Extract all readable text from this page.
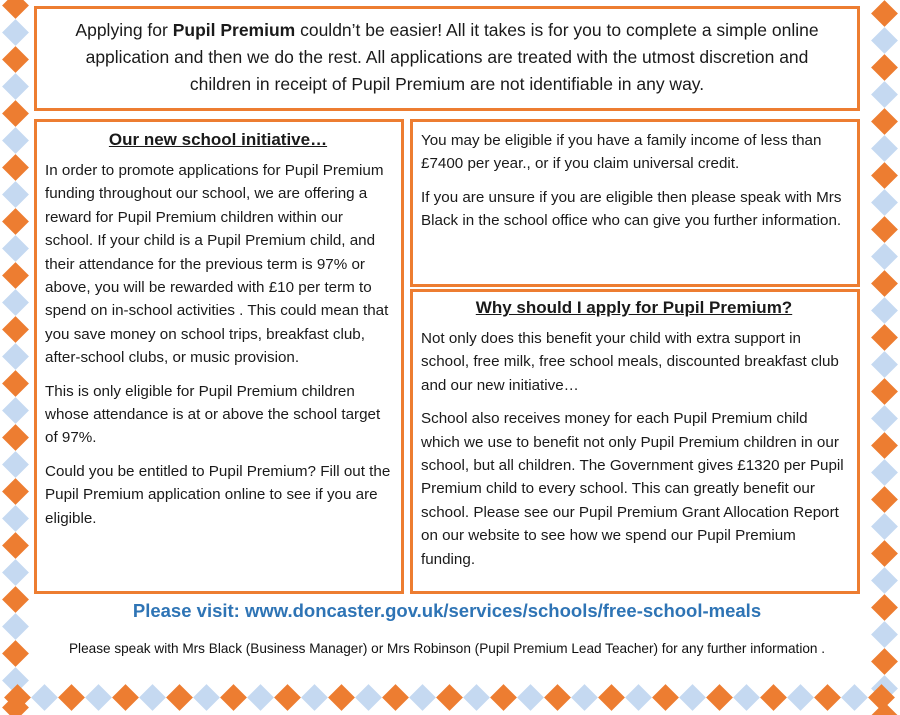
Applying for Pupil Premium couldn’t be easier! All it takes is for you to complete a simple online application and then we do the rest. All applications are treated with the utmost discretion and children in receipt of Pupil Premium are not identifiable in any way.
Our new school initiative…

In order to promote applications for Pupil Premium funding throughout our school, we are offering a reward for Pupil Premium children within our school. If your child is a Pupil Premium child, and their attendance for the previous term is 97% or above, you will be rewarded with £10 per term to spend on in-school activities . This could mean that you save money on school trips, breakfast club, after-school clubs, or music provision.

This is only eligible for Pupil Premium children whose attendance is at or above the school target of 97%.

Could you be entitled to Pupil Premium? Fill out the Pupil Premium application online to see if you are eligible.

You may be eligible if you have a family income of less than £7400 per year., or if you claim universal credit.

If you are unsure if you are eligible then please speak with Mrs Black in the school office who can give you further information.

Why should I apply for Pupil Premium?

Not only does this benefit your child with extra support in school, free milk, free school meals, discounted breakfast club and our new initiative…

School also receives money for each Pupil Premium child which we use to benefit not only Pupil Premium children in our school, but all children. The Government gives £1320 per Pupil Premium child to every school. This can greatly benefit our school. Please see our Pupil Premium Grant Allocation Report on our website to see how we spend our Pupil Premium funding.

Please visit: www.doncaster.gov.uk/services/schools/free-school-meals
Please speak with Mrs Black (Business Manager) or Mrs Robinson (Pupil Premium Lead Teacher) for any further information .
